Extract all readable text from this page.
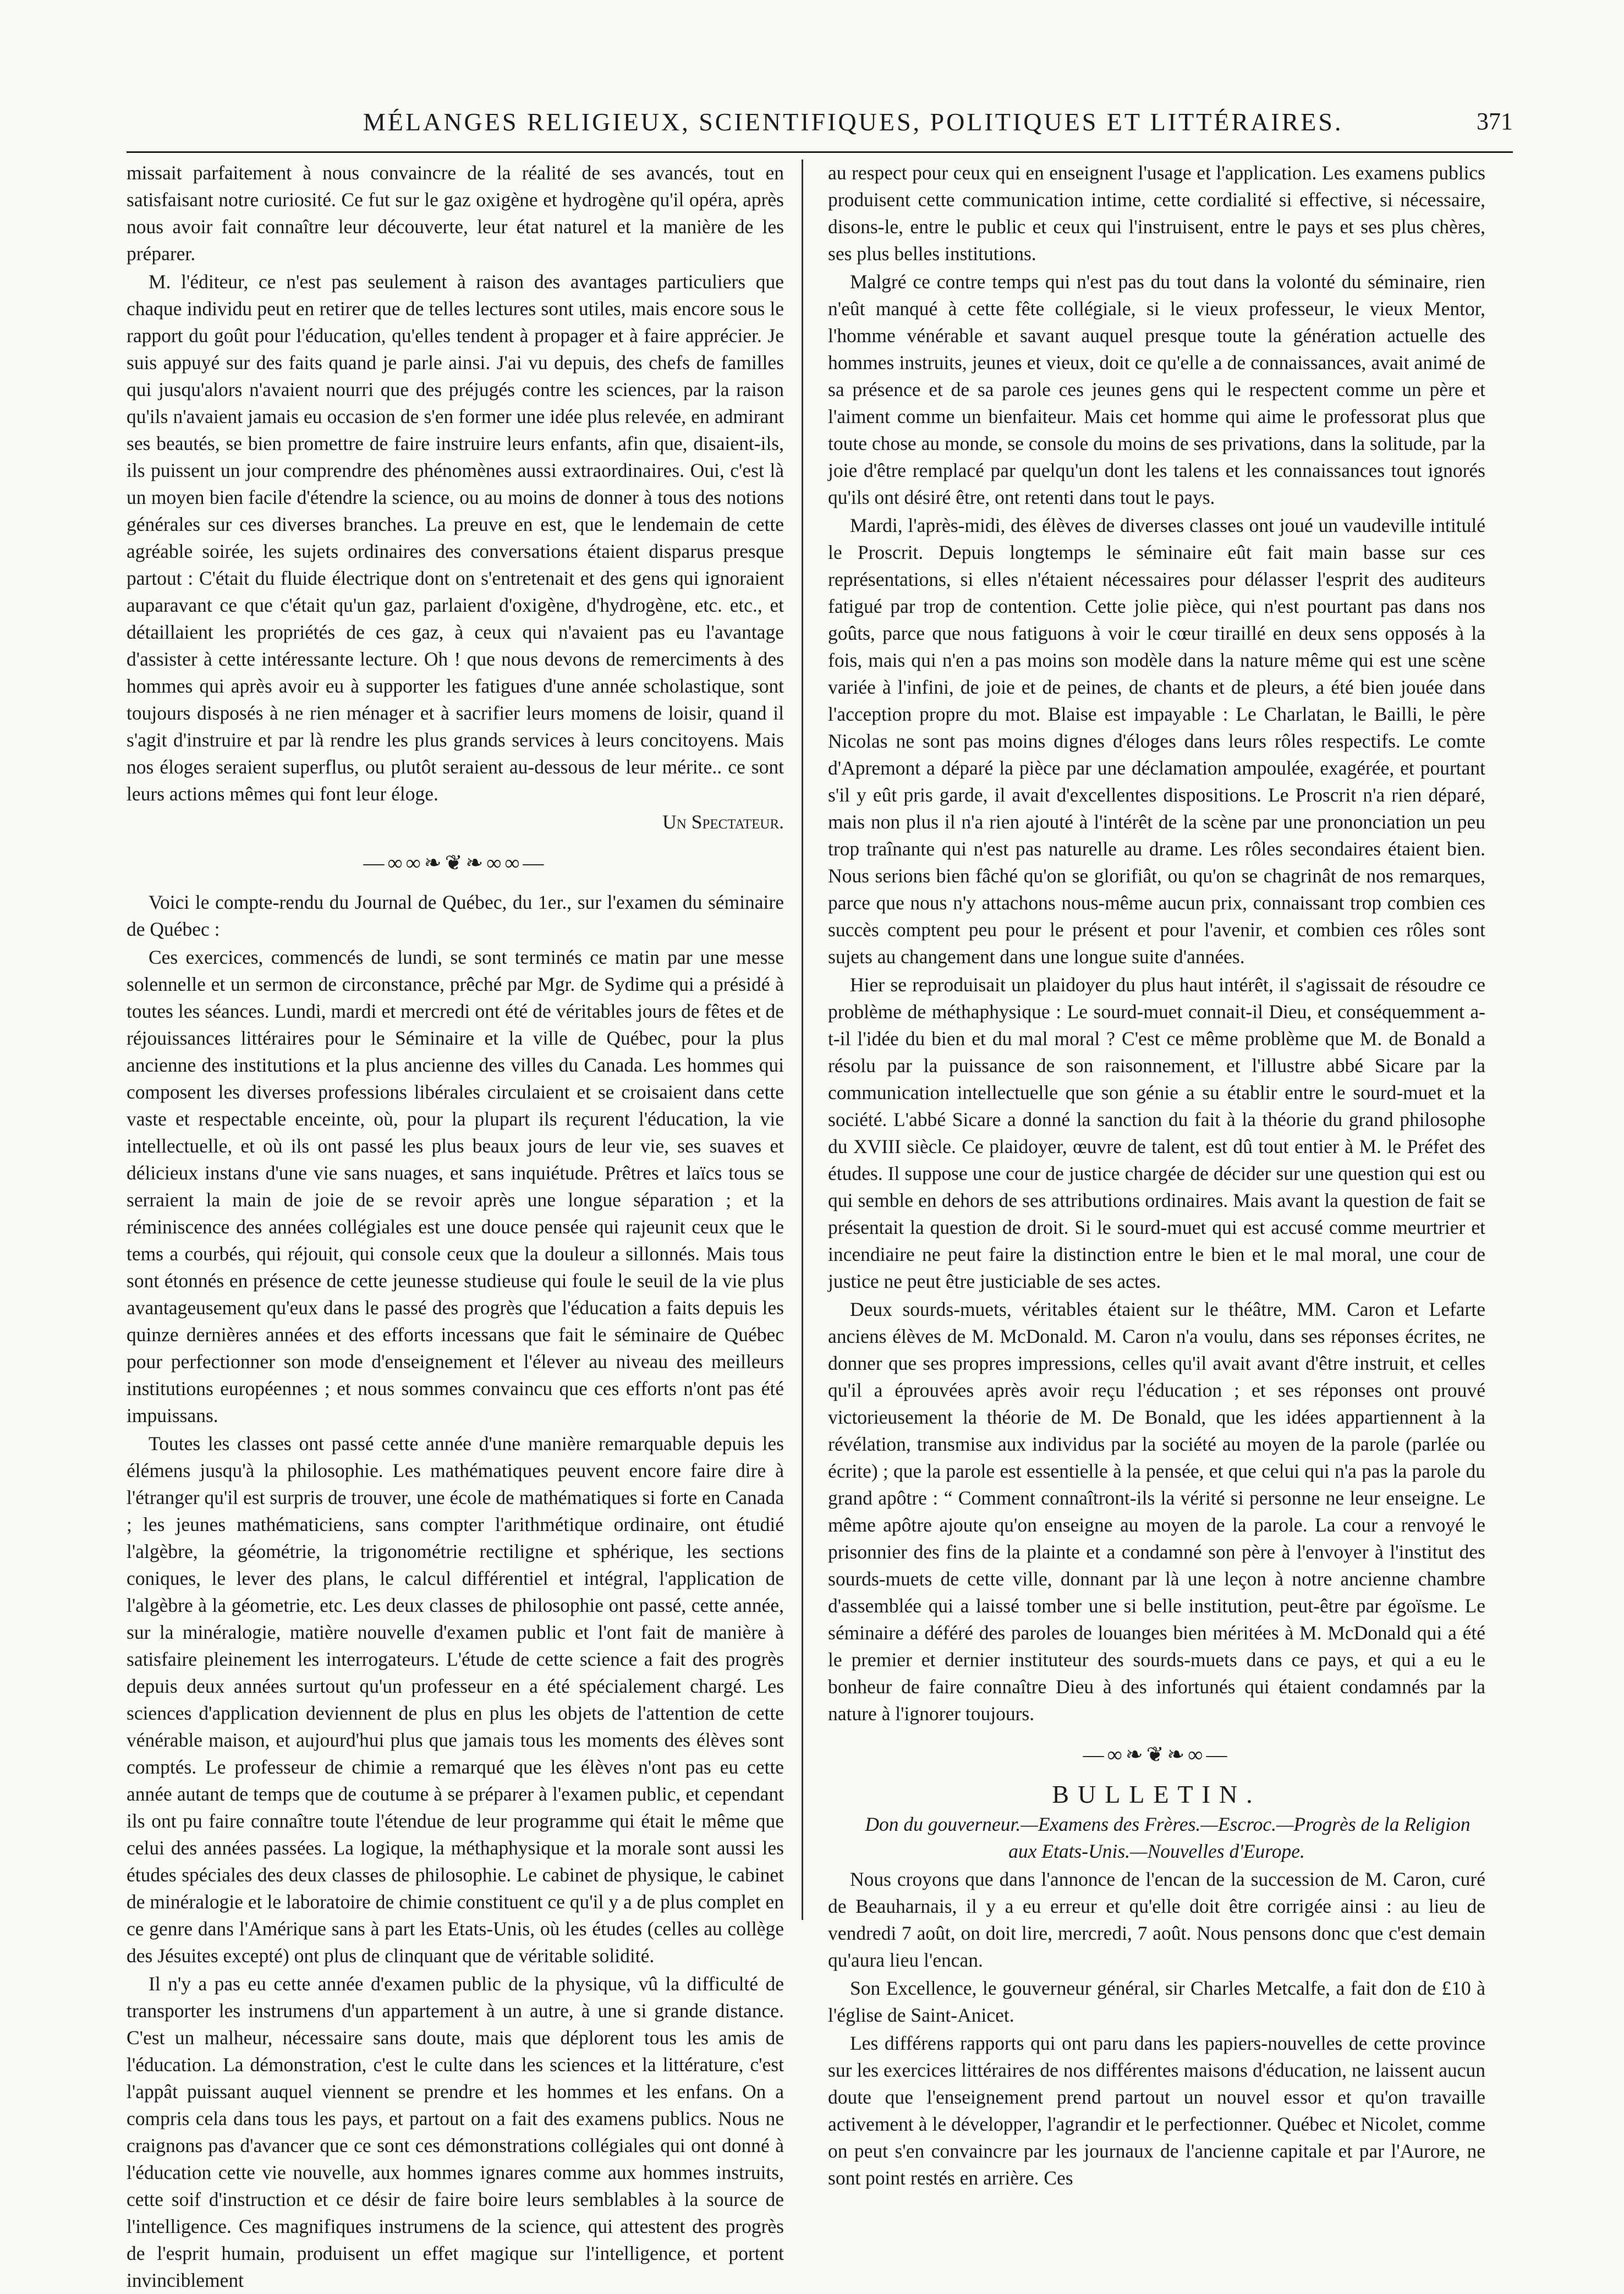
MÉLANGES RELIGIEUX, SCIENTIFIQUES, POLITIQUES ET LITTÉRAIRES.	371

missait parfaitement à nous convaincre de la réalité de ses avancés, tout en satisfaisant notre curiosité. Ce fut sur le gaz oxigène et hydrogène qu'il opéra, après nous avoir fait connaître leur découverte, leur état naturel et la manière de les préparer.

M. l'éditeur, ce n'est pas seulement à raison des avantages particuliers que chaque individu peut en retirer que de telles lectures sont utiles, mais encore sous le rapport du goût pour l'éducation, qu'elles tendent à propager et à faire apprécier. Je suis appuyé sur des faits quand je parle ainsi. J'ai vu depuis, des chefs de familles qui jusqu'alors n'avaient nourri que des préjugés contre les sciences, par la raison qu'ils n'avaient jamais eu occasion de s'en former une idée plus relevée, en admirant ses beautés, se bien promettre de faire instruire leurs enfants, afin que, disaient-ils, ils puissent un jour comprendre des phénomènes aussi extraordinaires. Oui, c'est là un moyen bien facile d'étendre la science, ou au moins de donner à tous des notions générales sur ces diverses branches. La preuve en est, que le lendemain de cette agréable soirée, les sujets ordinaires des conversations étaient disparus presque partout : C'était du fluide électrique dont on s'entretenait et des gens qui ignoraient auparavant ce que c'était qu'un gaz, parlaient d'oxigène, d'hydrogène, etc. etc., et détaillaient les propriétés de ces gaz, à ceux qui n'avaient pas eu l'avantage d'assister à cette intéressante lecture. Oh ! que nous devons de remerciments à des hommes qui après avoir eu à supporter les fatigues d'une année scholastique, sont toujours disposés à ne rien ménager et à sacrifier leurs momens de loisir, quand il s'agit d'instruire et par là rendre les plus grands services à leurs concitoyens. Mais nos éloges seraient superflus, ou plutôt seraient au-dessous de leur mérite.. ce sont leurs actions mêmes qui font leur éloge.

Un Spectateur.

—∞∞❧❦❧∞∞—

Voici le compte-rendu du Journal de Québec, du 1er., sur l'examen du séminaire de Québec :

Ces exercices, commencés de lundi, se sont terminés ce matin par une messe solennelle et un sermon de circonstance, prêché par Mgr. de Sydime qui a présidé à toutes les séances. Lundi, mardi et mercredi ont été de véritables jours de fêtes et de réjouissances littéraires pour le Séminaire et la ville de Québec, pour la plus ancienne des institutions et la plus ancienne des villes du Canada. Les hommes qui composent les diverses professions libérales circulaient et se croisaient dans cette vaste et respectable enceinte, où, pour la plupart ils reçurent l'éducation, la vie intellectuelle, et où ils ont passé les plus beaux jours de leur vie, ses suaves et délicieux instans d'une vie sans nuages, et sans inquiétude. Prêtres et laïcs tous se serraient la main de joie de se revoir après une longue séparation ; et la réminiscence des années collégiales est une douce pensée qui rajeunit ceux que le tems a courbés, qui réjouit, qui console ceux que la douleur a sillonnés. Mais tous sont étonnés en présence de cette jeunesse studieuse qui foule le seuil de la vie plus avantageusement qu'eux dans le passé des progrès que l'éducation a faits depuis les quinze dernières années et des efforts incessans que fait le séminaire de Québec pour perfectionner son mode d'enseignement et l'élever au niveau des meilleurs institutions européennes ; et nous sommes convaincu que ces efforts n'ont pas été impuissans.

Toutes les classes ont passé cette année d'une manière remarquable depuis les élémens jusqu'à la philosophie. Les mathématiques peuvent encore faire dire à l'étranger qu'il est surpris de trouver, une école de mathématiques si forte en Canada ; les jeunes mathématiciens, sans compter l'arithmétique ordinaire, ont étudié l'algèbre, la géométrie, la trigonométrie rectiligne et sphérique, les sections coniques, le lever des plans, le calcul différentiel et intégral, l'application de l'algèbre à la géometrie, etc. Les deux classes de philosophie ont passé, cette année, sur la minéralogie, matière nouvelle d'examen public et l'ont fait de manière à satisfaire pleinement les interrogateurs. L'étude de cette science a fait des progrès depuis deux années surtout qu'un professeur en a été spécialement chargé. Les sciences d'application deviennent de plus en plus les objets de l'attention de cette vénérable maison, et aujourd'hui plus que jamais tous les moments des élèves sont comptés. Le professeur de chimie a remarqué que les élèves n'ont pas eu cette année autant de temps que de coutume à se préparer à l'examen public, et cependant ils ont pu faire connaître toute l'étendue de leur programme qui était le même que celui des années passées. La logique, la méthaphysique et la morale sont aussi les études spéciales des deux classes de philosophie. Le cabinet de physique, le cabinet de minéralogie et le laboratoire de chimie constituent ce qu'il y a de plus complet en ce genre dans l'Amérique sans à part les Etats-Unis, où les études (celles au collège des Jésuites excepté) ont plus de clinquant que de véritable solidité.

Il n'y a pas eu cette année d'examen public de la physique, vû la difficulté de transporter les instrumens d'un appartement à un autre, à une si grande distance. C'est un malheur, nécessaire sans doute, mais que déplorent tous les amis de l'éducation. La démonstration, c'est le culte dans les sciences et la littérature, c'est l'appât puissant auquel viennent se prendre et les hommes et les enfans. On a compris cela dans tous les pays, et partout on a fait des examens publics. Nous ne craignons pas d'avancer que ce sont ces démonstrations collégiales qui ont donné à l'éducation cette vie nouvelle, aux hommes ignares comme aux hommes instruits, cette soif d'instruction et ce désir de faire boire leurs semblables à la source de l'intelligence. Ces magnifiques instrumens de la science, qui attestent des progrès de l'esprit humain, produisent un effet magique sur l'intelligence, et portent invinciblement

au respect pour ceux qui en enseignent l'usage et l'application. Les examens publics produisent cette communication intime, cette cordialité si effective, si nécessaire, disons-le, entre le public et ceux qui l'instruisent, entre le pays et ses plus chères, ses plus belles institutions.

Malgré ce contre temps qui n'est pas du tout dans la volonté du séminaire, rien n'eût manqué à cette fête collégiale, si le vieux professeur, le vieux Mentor, l'homme vénérable et savant auquel presque toute la génération actuelle des hommes instruits, jeunes et vieux, doit ce qu'elle a de connaissances, avait animé de sa présence et de sa parole ces jeunes gens qui le respectent comme un père et l'aiment comme un bienfaiteur. Mais cet homme qui aime le professorat plus que toute chose au monde, se console du moins de ses privations, dans la solitude, par la joie d'être remplacé par quelqu'un dont les talens et les connaissances tout ignorés qu'ils ont désiré être, ont retenti dans tout le pays.

Mardi, l'après-midi, des élèves de diverses classes ont joué un vaudeville intitulé le Proscrit. Depuis longtemps le séminaire eût fait main basse sur ces représentations, si elles n'étaient nécessaires pour délasser l'esprit des auditeurs fatigué par trop de contention. Cette jolie pièce, qui n'est pourtant pas dans nos goûts, parce que nous fatiguons à voir le cœur tiraillé en deux sens opposés à la fois, mais qui n'en a pas moins son modèle dans la nature même qui est une scène variée à l'infini, de joie et de peines, de chants et de pleurs, a été bien jouée dans l'acception propre du mot. Blaise est impayable : Le Charlatan, le Bailli, le père Nicolas ne sont pas moins dignes d'éloges dans leurs rôles respectifs. Le comte d'Apremont a déparé la pièce par une déclamation ampoulée, exagérée, et pourtant s'il y eût pris garde, il avait d'excellentes dispositions. Le Proscrit n'a rien déparé, mais non plus il n'a rien ajouté à l'intérêt de la scène par une prononciation un peu trop traînante qui n'est pas naturelle au drame. Les rôles secondaires étaient bien. Nous serions bien fâché qu'on se glorifiât, ou qu'on se chagrinât de nos remarques, parce que nous n'y attachons nous-même aucun prix, connaissant trop combien ces succès comptent peu pour le présent et pour l'avenir, et combien ces rôles sont sujets au changement dans une longue suite d'années.

Hier se reproduisait un plaidoyer du plus haut intérêt, il s'agissait de résoudre ce problème de méthaphysique : Le sourd-muet connait-il Dieu, et conséquemment a-t-il l'idée du bien et du mal moral ? C'est ce même problème que M. de Bonald a résolu par la puissance de son raisonnement, et l'illustre abbé Sicare par la communication intellectuelle que son génie a su établir entre le sourd-muet et la société. L'abbé Sicare a donné la sanction du fait à la théorie du grand philosophe du XVIII siècle. Ce plaidoyer, œuvre de talent, est dû tout entier à M. le Préfet des études. Il suppose une cour de justice chargée de décider sur une question qui est ou qui semble en dehors de ses attributions ordinaires. Mais avant la question de fait se présentait la question de droit. Si le sourd-muet qui est accusé comme meurtrier et incendiaire ne peut faire la distinction entre le bien et le mal moral, une cour de justice ne peut être justiciable de ses actes.

Deux sourds-muets, véritables étaient sur le théâtre, MM. Caron et Lefarte anciens élèves de M. McDonald. M. Caron n'a voulu, dans ses réponses écrites, ne donner que ses propres impressions, celles qu'il avait avant d'être instruit, et celles qu'il a éprouvées après avoir reçu l'éducation ; et ses réponses ont prouvé victorieusement la théorie de M. De Bonald, que les idées appartiennent à la révélation, transmise aux individus par la société au moyen de la parole (parlée ou écrite) ; que la parole est essentielle à la pensée, et que celui qui n'a pas la parole du grand apôtre : “ Comment connaîtront-ils la vérité si personne ne leur enseigne. Le même apôtre ajoute qu'on enseigne au moyen de la parole. La cour a renvoyé le prisonnier des fins de la plainte et a condamné son père à l'envoyer à l'institut des sourds-muets de cette ville, donnant par là une leçon à notre ancienne chambre d'assemblée qui a laissé tomber une si belle institution, peut-être par égoïsme. Le séminaire a déféré des paroles de louanges bien méritées à M. McDonald qui a été le premier et dernier instituteur des sourds-muets dans ce pays, et qui a eu le bonheur de faire connaître Dieu à des infortunés qui étaient condamnés par la nature à l'ignorer toujours.

—∞❧❦❧∞—
BULLETIN.

Don du gouverneur.—Examens des Frères.—Escroc.—Progrès de la Religion aux Etats-Unis.—Nouvelles d'Europe.

Nous croyons que dans l'annonce de l'encan de la succession de M. Caron, curé de Beauharnais, il y a eu erreur et qu'elle doit être corrigée ainsi : au lieu de vendredi 7 août, on doit lire, mercredi, 7 août. Nous pensons donc que c'est demain qu'aura lieu l'encan.

Son Excellence, le gouverneur général, sir Charles Metcalfe, a fait don de £10 à l'église de Saint-Anicet.

Les différens rapports qui ont paru dans les papiers-nouvelles de cette province sur les exercices littéraires de nos différentes maisons d'éducation, ne laissent aucun doute que l'enseignement prend partout un nouvel essor et qu'on travaille activement à le développer, l'agrandir et le perfectionner. Québec et Nicolet, comme on peut s'en convaincre par les journaux de l'ancienne capitale et par l'Aurore, ne sont point restés en arrière. Ces
